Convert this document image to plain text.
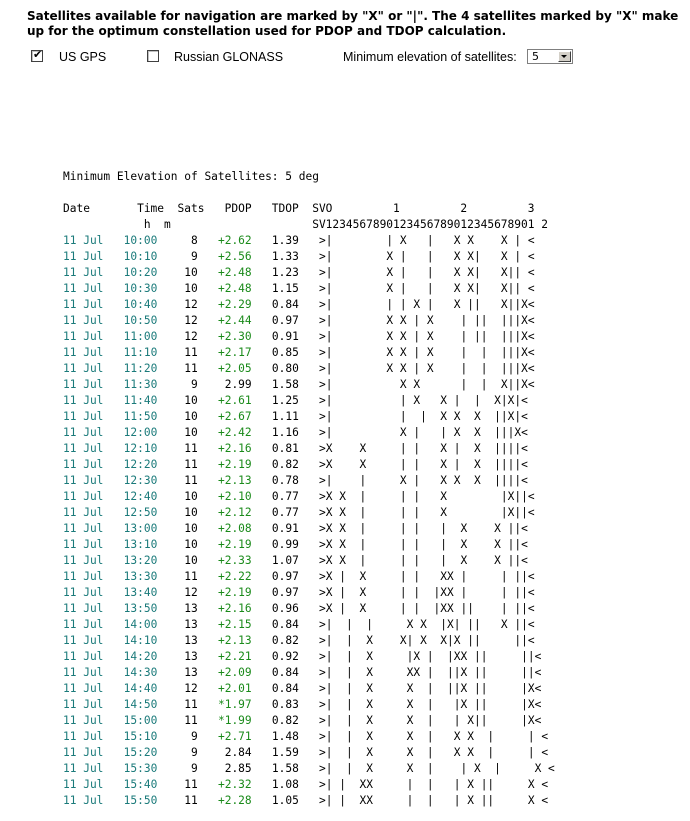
Satellites available for navigation are marked by "X" or "|". The 4 satellites marked by "X" make up for the optimum constellation used for PDOP and TDOP calculation.
✔ US GPS	Russian GLONASS	Minimum elevation of satellites: 5
Minimum Elevation of Satellites: 5 deg

Date       Time  Sats   PDOP   TDOP  SVO         1         2         3
h  m                     SV1234567890123456789012345678901 2
11 Jul 10:00     8 +2.62 1.39   >|        | X   |   X X    X | <
11 Jul 10:10     9 +2.56 1.33   >|        X |   |   X X|   X | <
11 Jul 10:20    10 +2.48 1.23   >|        X |   |   X X|   X|| <
11 Jul 10:30    10 +2.48 1.15   >|        X |   |   X X|   X|| <
11 Jul 10:40    12 +2.29 0.84   >|        | | X |   X ||   X||X<
11 Jul 10:50    12 +2.44 0.97   >|        X X | X    | ||  |||X<
11 Jul 11:00    12 +2.30 0.91   >|        X X | X    | ||  |||X<
11 Jul 11:10    11 +2.17 0.85   >|        X X | X    |  |  |||X<
11 Jul 11:20    11 +2.05 0.80   >|        X X | X    |  |  |||X<
11 Jul 11:30     9 2.99 1.58   >|          X X      |  |  X||X<
11 Jul 11:40    10 +2.61 1.25   >|          | X   X |  |  X|X|<
11 Jul 11:50    10 +2.67 1.11   >|          |  |  X X  X  ||X|<
11 Jul 12:00    10 +2.42 1.16   >|          X |   | X  X  |||X<
11 Jul 12:10    11 +2.16 0.81   >X    X     | |   X |  X  ||||<
11 Jul 12:20    11 +2.19 0.82   >X    X     | |   X |  X  ||||<
11 Jul 12:30    11 +2.13 0.78   >|    |     X |   X X  X  ||||<
11 Jul 12:40    10 +2.10 0.77   >X X  |     | |   X        |X||<
11 Jul 12:50    10 +2.12 0.77   >X X  |     | |   X        |X||<
11 Jul 13:00    10 +2.08 0.91   >X X  |     | |   |  X    X ||<
11 Jul 13:10    10 +2.19 0.99   >X X  |     | |   |  X    X ||<
11 Jul 13:20    10 +2.33 1.07   >X X  |     | |   |  X    X ||<
11 Jul 13:30    11 +2.22 0.97   >X |  X     | |   XX |     | ||<
11 Jul 13:40    12 +2.19 0.97   >X |  X     | |  |XX |     | ||<
11 Jul 13:50    13 +2.16 0.96   >X |  X     | |  |XX ||    | ||<
11 Jul 14:00    13 +2.15 0.84   >|  |  |     X X  |X| ||   X ||<
11 Jul 14:10    13 +2.13 0.82   >|  |  X    X| X  X|X ||     ||<
11 Jul 14:20    13 +2.21 0.92   >|  |  X     |X |  |XX ||     ||<
11 Jul 14:30    13 +2.09 0.84   >|  |  X     XX |  ||X ||     ||<
11 Jul 14:40    12 +2.01 0.84   >|  |  X     X  |  ||X ||     |X<
11 Jul 14:50    11 *1.97 0.83   >|  |  X     X  |   |X ||     |X<
11 Jul 15:00    11 *1.99 0.82   >|  |  X     X  |   | X||     |X<
11 Jul 15:10     9 +2.71 1.48   >|  |  X     X  |   X X  |     | <
11 Jul 15:20     9 2.84 1.59   >|  |  X     X  |   X X  |     | <
11 Jul 15:30     9 2.85 1.58   >|  |  X     X  |    | X  |     X <
11 Jul 15:40    11 +2.32 1.08   >| |  XX     |  |   | X ||     X <
11 Jul 15:50    11 +2.28 1.05   >| |  XX     |  |   | X ||     X <
